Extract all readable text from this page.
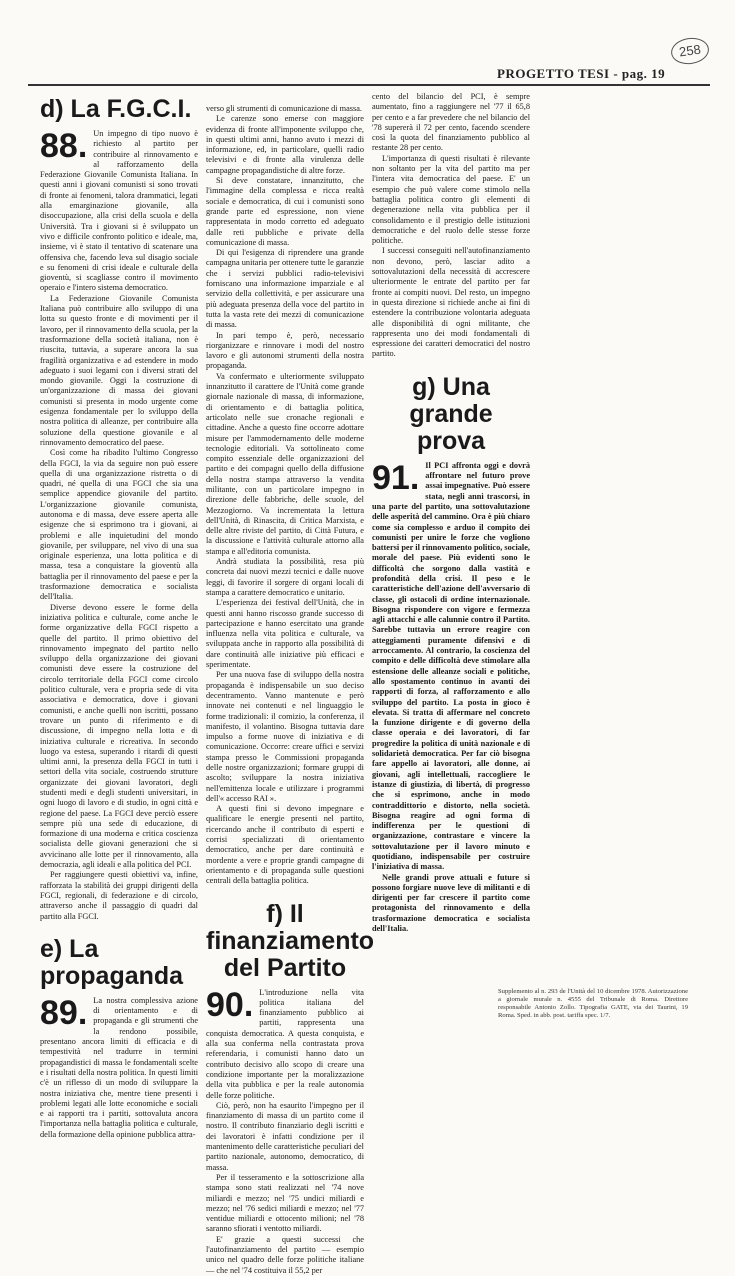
258
PROGETTO TESI - pag. 19
d) La F.G.C.I.

88. Un impegno di tipo nuovo è richiesto al partito per contribuire al rinnovamento e al rafforzamento della Federazione Giovanile Comunista Italiana. In questi anni i giovani comunisti si sono trovati di fronte ai fenomeni, talora drammatici, legati alla emarginazione giovanile, alla disoccupazione, alla crisi della scuola e della Università. Tra i giovani si è sviluppato un vivo e difficile confronto politico e ideale, ma, insieme, vi è stato il tentativo di scatenare una offensiva che, facendo leva sul disagio sociale e su fenomeni di crisi ideale e culturale della gioventù, si scagliasse contro il movimento operaio e l'intero sistema democratico.

La Federazione Giovanile Comunista Italiana può contribuire allo sviluppo di una lotta su questo fronte e di movimenti per il lavoro, per il rinnovamento della scuola, per la trasformazione della società italiana, non è riuscita, tuttavia, a superare ancora la sua fragilità organizzativa e ad estendere in modo adeguato i suoi legami con i diversi strati del mondo giovanile. Oggi la costruzione di un'organizzazione di massa dei giovani comunisti si presenta in modo urgente come esigenza fondamentale per lo sviluppo della nostra politica di alleanze, per contribuire alla soluzione della questione giovanile e al rinnovamento democratico del paese.

Così come ha ribadito l'ultimo Congresso della FGCI, la via da seguire non può essere quella di una organizzazione ristretta o di quadri, né quella di una FGCI che sia una semplice appendice giovanile del partito. L'organizzazione giovanile comunista, autonoma e di massa, deve essere aperta alle esigenze che si esprimono tra i giovani, ai problemi e alle inquietudini del mondo giovanile, per sviluppare, nel vivo di una sua originale esperienza, una lotta politica e di massa, tesa a conquistare la gioventù alla battaglia per il rinnovamento del paese e per la trasformazione democratica e socialista dell'Italia.

Diverse devono essere le forme della iniziativa politica e culturale, come anche le forme organizzative della FGCI rispetto a quelle del partito. Il primo obiettivo del rinnovamento impegnato del partito nello sviluppo della organizzazione dei giovani comunisti deve essere la costruzione del circolo territoriale della FGCI come circolo politico culturale, vera e propria sede di vita associativa e democratica, dove i giovani comunisti, e anche quelli non iscritti, possano trovare un punto di riferimento e di discussione, di impegno nella lotta e di iniziativa culturale e ricreativa. In secondo luogo va estesa, superando i ritardi di questi ultimi anni, la presenza della FGCI in tutti i settori della vita sociale, costruendo strutture organizzate dei giovani lavoratori, degli studenti medi e degli studenti universitari, in ogni luogo di lavoro e di studio, in ogni città e regione del paese. La FGCI deve perciò essere sempre più una sede di educazione, di formazione di una moderna e critica coscienza socialista delle giovani generazioni che si avvicinano alle lotte per il rinnovamento, alla democrazia, agli ideali e alla politica del PCI.

Per raggiungere questi obiettivi va, infine, rafforzata la stabilità dei gruppi dirigenti della FGCI, regionali, di federazione e di circolo, attraverso anche il passaggio di quadri dal partito alla FGCI.

e) La propaganda

89. La nostra complessiva azione di orientamento e di propaganda e gli strumenti che la rendono possibile, presentano ancora limiti di efficacia e di tempestività nel tradurre in termini propagandistici di massa le fondamentali scelte e i risultati della nostra politica. In questi limiti c'è un riflesso di un modo di sviluppare la nostra iniziativa che, mentre tiene presenti i problemi legati alle lotte economiche e sociali e ai rapporti tra i partiti, sottovaluta ancora l'importanza nella battaglia politica e culturale, della formazione della opinione pubblica attra-

verso gli strumenti di comunicazione di massa.

Le carenze sono emerse con maggiore evidenza di fronte all'imponente sviluppo che, in questi ultimi anni, hanno avuto i mezzi di informazione, ed, in particolare, quelli radio televisivi e di fronte alla virulenza delle campagne propagandistiche di altre forze.

Si deve constatare, innanzitutto, che l'immagine della complessa e ricca realtà sociale e democratica, di cui i comunisti sono grande parte ed espressione, non viene rappresentata in modo corretto ed adeguato dalle reti pubbliche e private della comunicazione di massa.

Di qui l'esigenza di riprendere una grande campagna unitaria per ottenere tutte le garanzie che i servizi pubblici radio-televisivi forniscano una informazione imparziale e al servizio della collettività, e per assicurare una più adeguata presenza della voce del partito in tutta la vasta rete dei mezzi di comunicazione di massa.

In pari tempo è, però, necessario riorganizzare e rinnovare i modi del nostro lavoro e gli autonomi strumenti della nostra propaganda.

Va confermato e ulteriormente sviluppato innanzitutto il carattere de l'Unità come grande giornale nazionale di massa, di informazione, di orientamento e di battaglia politica, articolato nelle sue cronache regionali e cittadine. Anche a questo fine occorre adottare misure per l'ammodernamento delle moderne tecnologie editoriali. Va sottolineato come compito essenziale delle organizzazioni del partito e dei compagni quello della diffusione della nostra stampa attraverso la vendita militante, con un particolare impegno in direzione delle fabbriche, delle scuole, del Mezzogiorno. Va incrementata la lettura dell'Unità, di Rinascita, di Critica Marxista, e delle altre riviste del partito, di Città Futura, e la discussione e l'attività culturale attorno alla stampa e all'editoria comunista.

Andrà studiata la possibilità, resa più concreta dai nuovi mezzi tecnici e dalle nuove leggi, di favorire il sorgere di organi locali di stampa a carattere democratico e unitario.

L'esperienza dei festival dell'Unità, che in questi anni hanno riscosso grande successo di partecipazione e hanno esercitato una grande influenza nella vita politica e culturale, va sviluppata anche in rapporto alla possibilità di dare continuità alle iniziative più efficaci e sperimentate.

Per una nuova fase di sviluppo della nostra propaganda è indispensabile un suo deciso decentramento. Vanno mantenute e però innovate nei contenuti e nel linguaggio le forme tradizionali: il comizio, la conferenza, il manifesto, il volantino. Bisogna tuttavia dare impulso a forme nuove di iniziativa e di comunicazione. Occorre: creare uffici e servizi stampa presso le Commissioni propaganda delle nostre organizzazioni; formare gruppi di ascolto; sviluppare la nostra iniziativa nell'emittenza locale e utilizzare i programmi dell'« accesso RAI ».

A questi fini si devono impegnare e qualificare le energie presenti nel partito, ricercando anche il contributo di esperti e corrisi specializzati di orientamento democratico, anche per dare continuità e mordente a vere e proprie grandi campagne di orientamento e di propaganda sulle questioni centrali della battaglia politica.

f) Il finanziamento del Partito

90. L'introduzione nella vita politica italiana del finanziamento pubblico ai partiti, rappresenta una conquista democratica. A questa conquista, e alla sua conferma nella contrastata prova referendaria, i comunisti hanno dato un contributo decisivo allo scopo di creare una condizione importante per la moralizzazione della vita pubblica e per la reale autonomia delle forze politiche.

Ciò, però, non ha esaurito l'impegno per il finanziamento di massa di un partito come il nostro. Il contributo finanziario degli iscritti e dei lavoratori è infatti condizione per il mantenimento delle caratteristiche peculiari del partito nazionale, autonomo, democratico, di massa.

Per il tesseramento e la sottoscrizione alla stampa sono stati realizzati nel '74 nove miliardi e mezzo; nel '75 undici miliardi e mezzo; nel '76 sedici miliardi e mezzo; nel '77 ventidue miliardi e ottocento milioni; nel '78 saranno sfiorati i ventotto miliardi.

E' grazie a questi successi che l'autofinanziamento del partito — esempio unico nel quadro delle forze politiche italiane — che nel '74 costituiva il 55,2 per

cento del bilancio del PCI, è sempre aumentato, fino a raggiungere nel '77 il 65,8 per cento e a far prevedere che nel bilancio del '78 supererà il 72 per cento, facendo scendere così la quota del finanziamento pubblico al restante 28 per cento.

L'importanza di questi risultati è rilevante non soltanto per la vita del partito ma per l'intera vita democratica del paese. E' un esempio che può valere come stimolo nella battaglia politica contro gli elementi di degenerazione nella vita pubblica per il consolidamento e il prestigio delle istituzioni democratiche e del ruolo delle stesse forze politiche.

I successi conseguiti nell'autofinanziamento non devono, però, lasciar adito a sottovalutazioni della necessità di accrescere ulteriormente le entrate del partito per far fronte ai compiti nuovi. Del resto, un impegno in questa direzione si richiede anche ai fini di estendere la contribuzione volontaria adeguata alle disponibilità di ogni militante, che rappresenta uno dei modi fondamentali di espressione dei caratteri democratici del nostro partito.

g) Una grande prova

91. Il PCI affronta oggi e dovrà affrontare nel futuro prove assai impegnative. Può essere stata, negli anni trascorsi, in una parte del partito, una sottovalutazione delle asperità del cammino. Ora è più chiaro come sia complesso e arduo il compito dei comunisti per unire le forze che vogliono battersi per il rinnovamento politico, sociale, morale del paese. Più evidenti sono le difficoltà che sorgono dalla vastità e profondità della crisi. Il peso e le caratteristiche dell'azione dell'avversario di classe, gli ostacoli di ordine internazionale. Bisogna rispondere con vigore e fermezza agli attacchi e alle calunnie contro il Partito. Sarebbe tuttavia un errore reagire con atteggiamenti puramente difensivi e di arroccamento. Al contrario, la coscienza del compito e delle difficoltà deve stimolare alla estensione delle alleanze sociali e politiche, allo spostamento continuo in avanti dei rapporti di forza, al rafforzamento e allo sviluppo del partito. La posta in gioco è elevata. Si tratta di affermare nel concreto la funzione dirigente e di governo della classe operaia e dei lavoratori, di far progredire la politica di unità nazionale e di solidarietà democratica. Per far ciò bisogna fare appello ai lavoratori, alle donne, ai giovani, agli intellettuali, raccogliere le istanze di giustizia, di libertà, di progresso che si esprimono, anche in modo contraddittorio e distorto, nella società. Bisogna reagire ad ogni forma di indifferenza per le questioni di organizzazione, contrastare e vincere la sottovalutazione per il lavoro minuto e quotidiano, indispensabile per costruire l'iniziativa di massa.

Nelle grandi prove attuali e future si possono forgiare nuove leve di militanti e di dirigenti per far crescere il partito come protagonista del rinnovamento e della trasformazione democratica e socialista dell'Italia.

Supplemento al n. 293 de l'Unità del 10 dicembre 1978. Autorizzazione a giornale murale n. 4555 del Tribunale di Roma. Direttore responsabile Antonio Zollo. Tipografia GATE, via dei Taurini, 19 Roma. Sped. in abb. post. tariffa spec. 1/7.
